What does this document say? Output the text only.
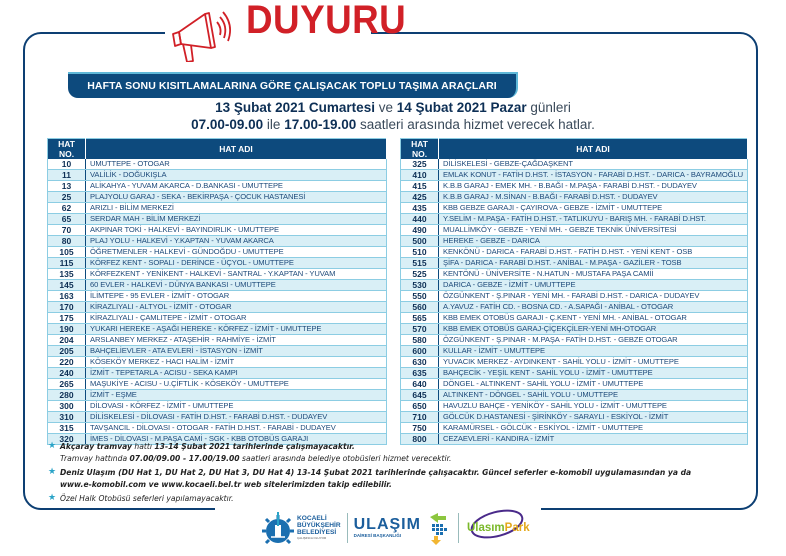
DUYURU
HAFTA SONU KISITLAMALARINA GÖRE ÇALIŞACAK TOPLU TAŞIMA ARAÇLARI
13 Şubat 2021 Cumartesi ve 14 Şubat 2021 Pazar günleri
07.00-09.00 ile 17.00-19.00 saatleri arasında hizmet verecek hatlar.
HAT NO.	HAT ADI
10	UMUTTEPE - OTOGAR
11	VALİLİK - DOĞUKIŞLA
13	ALİKAHYA - YUVAM AKARCA - D.BANKASI - UMUTTEPE
25	PLAJYOLU GARAJ - SEKA - BEKİRPAŞA - ÇOCUK HASTANESİ
62	ARIZLI - BİLİM MERKEZİ
65	SERDAR MAH - BİLİM MERKEZİ
70	AKPINAR TOKİ - HALKEVİ - BAYINDIRLIK - UMUTTEPE
80	PLAJ YOLU - HALKEVİ - Y.KAPTAN - YUVAM AKARCA
105	ÖĞRETMENLER - HALKEVİ - GÜNDOĞDU - UMUTTEPE
115	KÖRFEZ KENT - SOPALI - DERİNCE - ÜÇYOL - UMUTTEPE
135	KÖRFEZKENT - YENİKENT - HALKEVİ - SANTRAL - Y.KAPTAN - YUVAM
145	60 EVLER - HALKEVİ - DÜNYA BANKASI - UMUTTEPE
163	İLİMTEPE - 95 EVLER - İZMİT - OTOGAR
170	KİRAZLIYALI - ALTYOL - İZMİT - OTOGAR
175	KİRAZLIYALI - ÇAMLITEPE - İZMİT - OTOGAR
190	YUKARI HEREKE - AŞAĞI HEREKE - KÖRFEZ - İZMİT - UMUTTEPE
204	ARSLANBEY MERKEZ - ATAŞEHİR - RAHMİYE - İZMİT
205	BAHÇELİEVLER - ATA EVLERİ - İSTASYON - İZMİT
220	KÖSEKÖY MERKEZ - HACI HALİM - İZMİT
240	İZMİT - TEPETARLA - ACISU - SEKA KAMPI
265	MAŞUKİYE - ACISU - U.ÇİFTLİK - KÖSEKÖY - UMUTTEPE
280	İZMİT - EŞME
300	DİLOVASI - KÖRFEZ - İZMİT - UMUTTEPE
310	DİLİSKELESİ - DİLOVASI - FATİH D.HST. - FARABİ D.HST. - DUDAYEV
315	TAVŞANCIL - DİLOVASI - OTOGAR - FATİH D.HST. - FARABİ - DUDAYEV
320	İMES - DİLOVASI - M.PAŞA CAMİ - SGK - KBB OTOBÜS GARAJI
HAT NO.	HAT ADI
325	DİLİSKELESİ - GEBZE-ÇAĞDAŞKENT
410	EMLAK KONUT - FATİH D.HST. - İSTASYON - FARABİ D.HST. - DARICA - BAYRAMOĞLU
415	K.B.B GARAJ - EMEK MH. - B.BAĞI - M.PAŞA - FARABİ D.HST. - DUDAYEV
425	K.B.B GARAJ - M.SİNAN - B.BAĞI - FARABİ D.HST. - DUDAYEV
435	KBB GEBZE GARAJI - ÇAYIROVA - GEBZE - İZMİT - UMUTTEPE
440	Y.SELİM - M.PAŞA - FATİH D.HST. - TATLIKUYU - BARIŞ MH. - FARABİ D.HST.
490	MUALLİMKÖY - GEBZE - YENİ MH. - GEBZE TEKNİK ÜNİVERSİTESİ
500	HEREKE - GEBZE - DARICA
510	KENKÖNÜ - DARICA - FARABİ D.HST. - FATİH D.HST. - YENİ KENT - OSB
515	ŞİFA - DARICA - FARABİ D.HST. - ANİBAL - M.PAŞA - GAZİLER - TOSB
525	KENTÖNÜ - ÜNİVERSİTE - N.HATUN - MUSTAFA PAŞA CAMİİ
530	DARICA - GEBZE - İZMİT - UMUTTEPE
550	ÖZGÜNKENT - Ş.PINAR - YENİ MH. - FARABİ D.HST. - DARICA - DUDAYEV
560	A.YAVUZ - FATİH CD. - BOSNA CD. - A.SAPAĞI - ANİBAL - OTOGAR
565	KBB EMEK OTOBÜS GARAJI - Ç.KENT - YENİ MH. - ANİBAL - OTOGAR
570	KBB EMEK OTOBÜS GARAJ-ÇİÇEKÇİLER-YENİ MH-OTOGAR
580	ÖZGÜNKENT - Ş.PINAR - M.PAŞA - FATİH D.HST. - GEBZE OTOGAR
600	KULLAR - İZMİT - UMUTTEPE
630	YUVACIK MERKEZ - AYDINKENT - SAHİL YOLU - İZMİT - UMUTTEPE
635	BAHÇECİK - YEŞİL KENT - SAHİL YOLU - İZMİT - UMUTTEPE
640	DÖNGEL - ALTINKENT - SAHİL YOLU - İZMİT - UMUTTEPE
645	ALTINKENT - DÖNGEL - SAHİL YOLU - UMUTTEPE
650	HAVUZLU BAHÇE - YENİKÖY - SAHİL YOLU - İZMİT - UMUTTEPE
710	GÖLCÜK D.HASTANESİ - ŞİRİNKÖY - SARAYLI - ESKİYOL - İZMİT
750	KARAMÜRSEL - GÖLCÜK - ESKİYOL - İZMİT - UMUTTEPE
800	CEZAEVLERİ - KANDIRA - İZMİT
★ Akçaray tramvay hattı 13-14 Şubat 2021 tarihlerinde çalışmayacaktır.
Tramvay hattında 07.00/09.00 - 17.00/19.00 saatleri arasında belediye otobüsleri hizmet verecektir.
★ Deniz Ulaşım (DU Hat 1, DU Hat 2, DU Hat 3, DU Hat 4) 13-14 Şubat 2021 tarihlerinde çalışacaktır. Güncel seferler e-komobil uygulamasından ya da
www.e-komobil.com ve www.kocaeli.bel.tr web sitelerimizden takip edilebilir.
★ Özel Halk Otobüsü seferleri yapılamayacaktır.
KOCAELİ
BÜYÜKŞEHİR
BELEDİYESİ
ÇALIŞINCA OLUYOR
ULAŞIM
DAİRESİ BAŞKANLIĞI
UlasımPark
